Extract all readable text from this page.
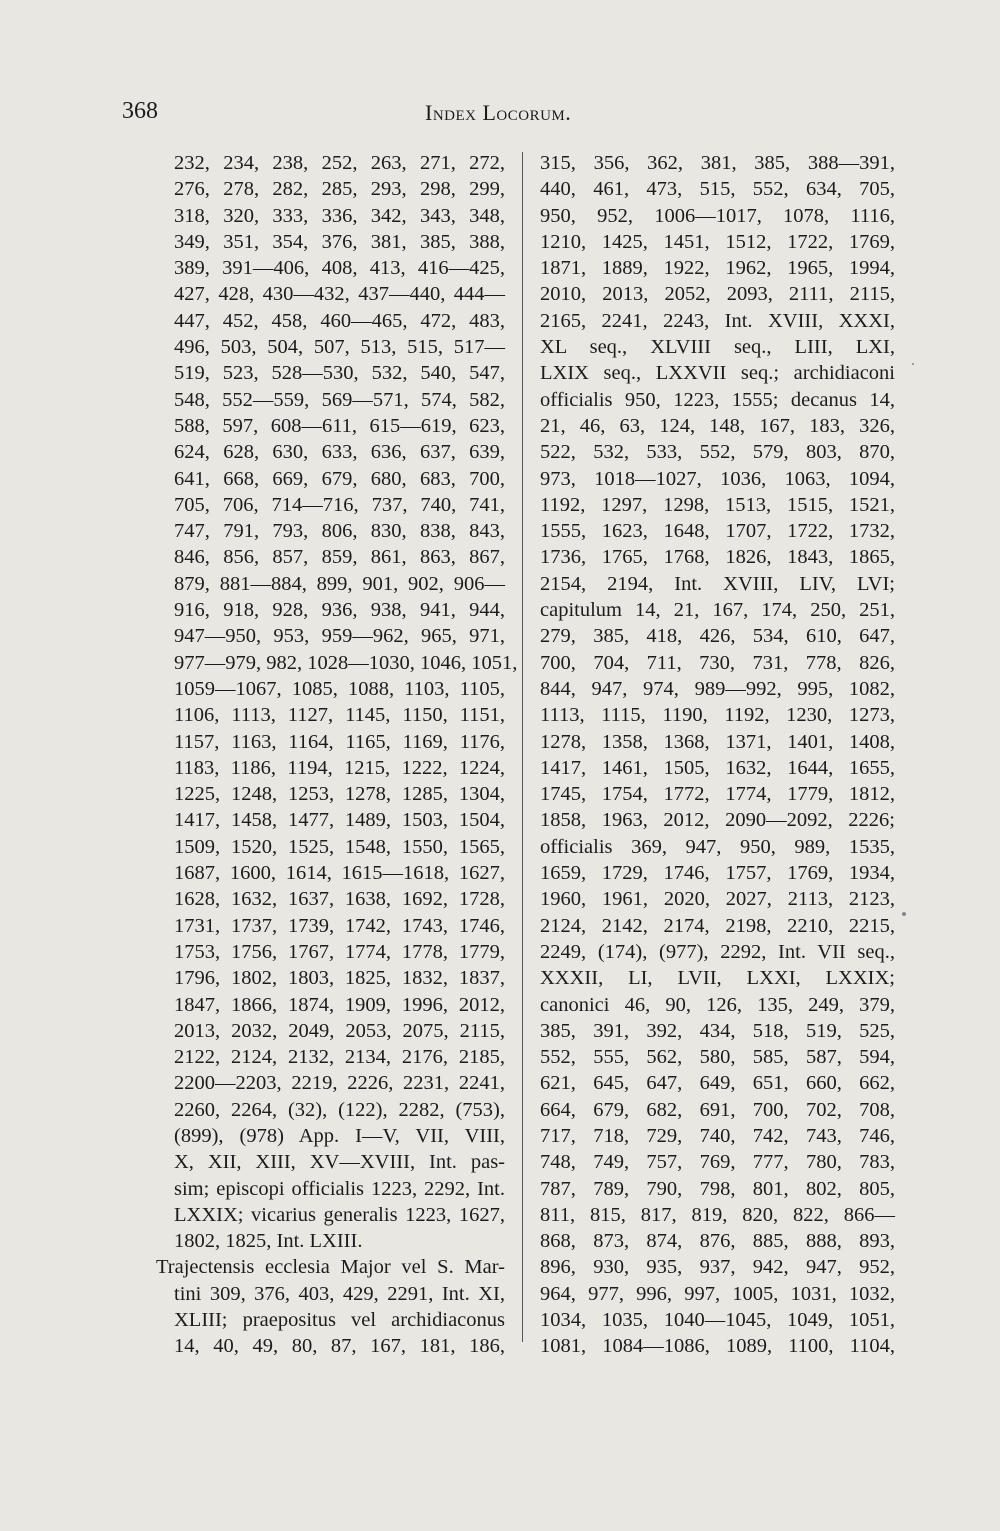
368	Index Locorum.
232, 234, 238, 252, 263, 271, 272,
276, 278, 282, 285, 293, 298, 299,
318, 320, 333, 336, 342, 343, 348,
349, 351, 354, 376, 381, 385, 388,
389, 391—406, 408, 413, 416—425,
427, 428, 430—432, 437—440, 444—
447, 452, 458, 460—465, 472, 483,
496, 503, 504, 507, 513, 515, 517—
519, 523, 528—530, 532, 540, 547,
548, 552—559, 569—571, 574, 582,
588, 597, 608—611, 615—619, 623,
624, 628, 630, 633, 636, 637, 639,
641, 668, 669, 679, 680, 683, 700,
705, 706, 714—716, 737, 740, 741,
747, 791, 793, 806, 830, 838, 843,
846, 856, 857, 859, 861, 863, 867,
879, 881—884, 899, 901, 902, 906—
916, 918, 928, 936, 938, 941, 944,
947—950, 953, 959—962, 965, 971,
977—979, 982, 1028—1030, 1046, 1051,
1059—1067, 1085, 1088, 1103, 1105,
1106, 1113, 1127, 1145, 1150, 1151,
1157, 1163, 1164, 1165, 1169, 1176,
1183, 1186, 1194, 1215, 1222, 1224,
1225, 1248, 1253, 1278, 1285, 1304,
1417, 1458, 1477, 1489, 1503, 1504,
1509, 1520, 1525, 1548, 1550, 1565,
1687, 1600, 1614, 1615—1618, 1627,
1628, 1632, 1637, 1638, 1692, 1728,
1731, 1737, 1739, 1742, 1743, 1746,
1753, 1756, 1767, 1774, 1778, 1779,
1796, 1802, 1803, 1825, 1832, 1837,
1847, 1866, 1874, 1909, 1996, 2012,
2013, 2032, 2049, 2053, 2075, 2115,
2122, 2124, 2132, 2134, 2176, 2185,
2200—2203, 2219, 2226, 2231, 2241,
2260, 2264, (32), (122), 2282, (753),
(899), (978) App. I—V, VII, VIII,
X, XII, XIII, XV—XVIII, Int. pas-
sim; episcopi officialis 1223, 2292, Int.
LXXIX; vicarius generalis 1223, 1627,
1802, 1825, Int. LXIII.
Trajectensis ecclesia Major vel S. Mar-
tini 309, 376, 403, 429, 2291, Int. XI,
XLIII; praepositus vel archidiaconus
14, 40, 49, 80, 87, 167, 181, 186,
315, 356, 362, 381, 385, 388—391,
440, 461, 473, 515, 552, 634, 705,
950, 952, 1006—1017, 1078, 1116,
1210, 1425, 1451, 1512, 1722, 1769,
1871, 1889, 1922, 1962, 1965, 1994,
2010, 2013, 2052, 2093, 2111, 2115,
2165, 2241, 2243, Int. XVIII, XXXI,
XL seq., XLVIII seq., LIII, LXI,
LXIX seq., LXXVII seq.; archidiaconi
officialis 950, 1223, 1555; decanus 14,
21, 46, 63, 124, 148, 167, 183, 326,
522, 532, 533, 552, 579, 803, 870,
973, 1018—1027, 1036, 1063, 1094,
1192, 1297, 1298, 1513, 1515, 1521,
1555, 1623, 1648, 1707, 1722, 1732,
1736, 1765, 1768, 1826, 1843, 1865,
2154, 2194, Int. XVIII, LIV, LVI;
capitulum 14, 21, 167, 174, 250, 251,
279, 385, 418, 426, 534, 610, 647,
700, 704, 711, 730, 731, 778, 826,
844, 947, 974, 989—992, 995, 1082,
1113, 1115, 1190, 1192, 1230, 1273,
1278, 1358, 1368, 1371, 1401, 1408,
1417, 1461, 1505, 1632, 1644, 1655,
1745, 1754, 1772, 1774, 1779, 1812,
1858, 1963, 2012, 2090—2092, 2226;
officialis 369, 947, 950, 989, 1535,
1659, 1729, 1746, 1757, 1769, 1934,
1960, 1961, 2020, 2027, 2113, 2123,
2124, 2142, 2174, 2198, 2210, 2215,
2249, (174), (977), 2292, Int. VII seq.,
XXXII, LI, LVII, LXXI, LXXIX;
canonici 46, 90, 126, 135, 249, 379,
385, 391, 392, 434, 518, 519, 525,
552, 555, 562, 580, 585, 587, 594,
621, 645, 647, 649, 651, 660, 662,
664, 679, 682, 691, 700, 702, 708,
717, 718, 729, 740, 742, 743, 746,
748, 749, 757, 769, 777, 780, 783,
787, 789, 790, 798, 801, 802, 805,
811, 815, 817, 819, 820, 822, 866—
868, 873, 874, 876, 885, 888, 893,
896, 930, 935, 937, 942, 947, 952,
964, 977, 996, 997, 1005, 1031, 1032,
1034, 1035, 1040—1045, 1049, 1051,
1081, 1084—1086, 1089, 1100, 1104,
